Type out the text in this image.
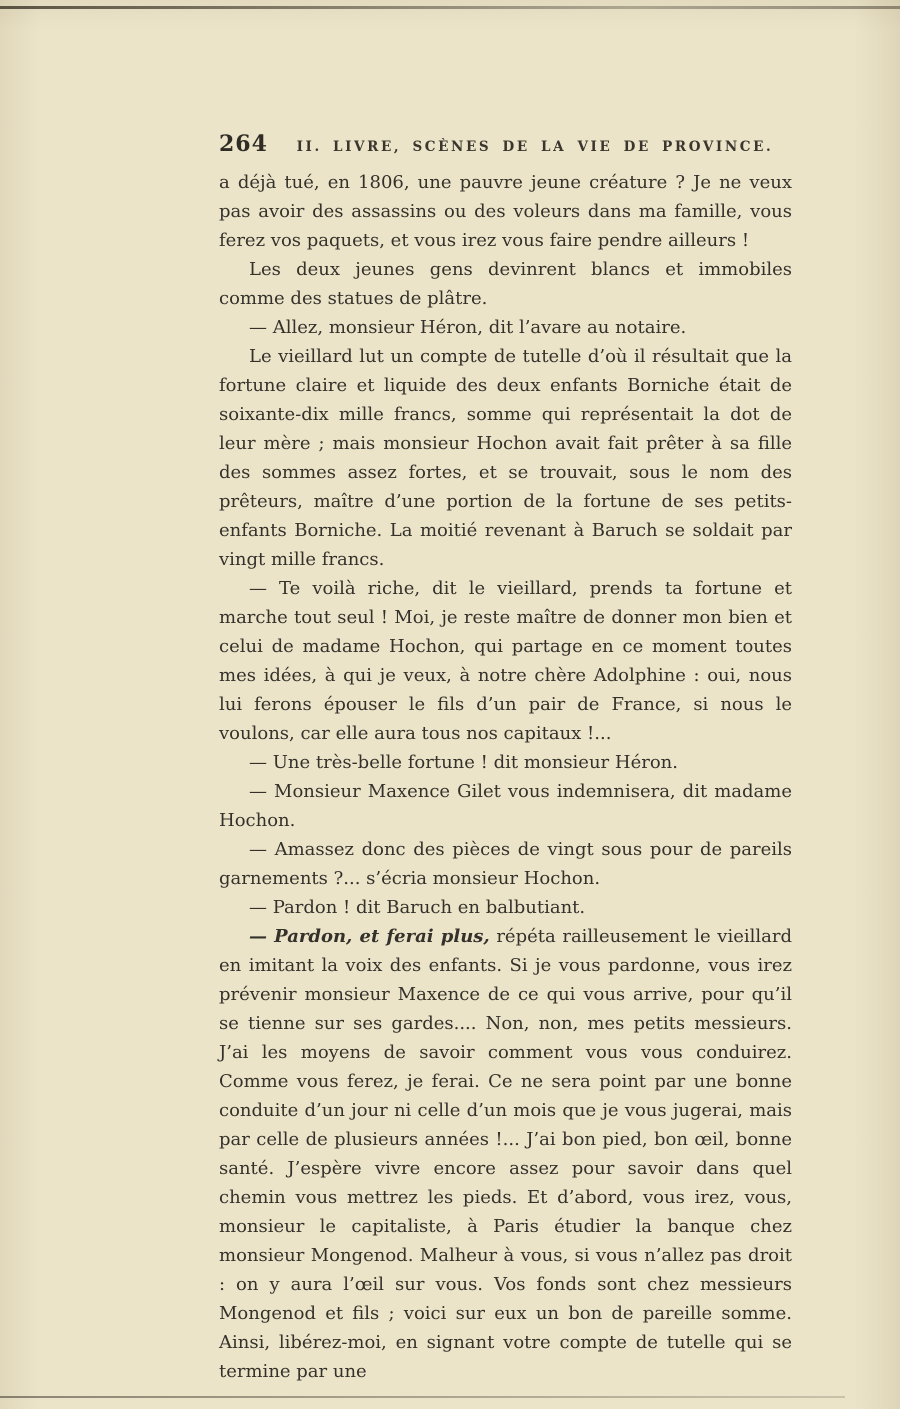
264	II. LIVRE, SCÈNES DE LA VIE DE PROVINCE.

a déjà tué, en 1806, une pauvre jeune créature ? Je ne veux pas avoir des assassins ou des voleurs dans ma famille, vous ferez vos paquets, et vous irez vous faire pendre ailleurs !

Les deux jeunes gens devinrent blancs et immobiles comme des statues de plâtre.

— Allez, monsieur Héron, dit l’avare au notaire.

Le vieillard lut un compte de tutelle d’où il résultait que la fortune claire et liquide des deux enfants Borniche était de soixante-dix mille francs, somme qui représentait la dot de leur mère ; mais monsieur Hochon avait fait prêter à sa fille des sommes assez fortes, et se trouvait, sous le nom des prêteurs, maître d’une portion de la fortune de ses petits-enfants Borniche. La moitié revenant à Baruch se soldait par vingt mille francs.

— Te voilà riche, dit le vieillard, prends ta fortune et marche tout seul ! Moi, je reste maître de donner mon bien et celui de madame Hochon, qui partage en ce moment toutes mes idées, à qui je veux, à notre chère Adolphine : oui, nous lui ferons épouser le fils d’un pair de France, si nous le voulons, car elle aura tous nos capitaux !...

— Une très-belle fortune ! dit monsieur Héron.

— Monsieur Maxence Gilet vous indemnisera, dit madame Hochon.

— Amassez donc des pièces de vingt sous pour de pareils garnements ?... s’écria monsieur Hochon.

— Pardon ! dit Baruch en balbutiant.

— Pardon, et ferai plus, répéta railleusement le vieillard en imitant la voix des enfants. Si je vous pardonne, vous irez prévenir monsieur Maxence de ce qui vous arrive, pour qu’il se tienne sur ses gardes.... Non, non, mes petits messieurs. J’ai les moyens de savoir comment vous vous conduirez. Comme vous ferez, je ferai. Ce ne sera point par une bonne conduite d’un jour ni celle d’un mois que je vous jugerai, mais par celle de plusieurs années !... J’ai bon pied, bon œil, bonne santé. J’espère vivre encore assez pour savoir dans quel chemin vous mettrez les pieds. Et d’abord, vous irez, vous, monsieur le capitaliste, à Paris étudier la banque chez monsieur Mongenod. Malheur à vous, si vous n’allez pas droit : on y aura l’œil sur vous. Vos fonds sont chez messieurs Mongenod et fils ; voici sur eux un bon de pareille somme. Ainsi, libérez-moi, en signant votre compte de tutelle qui se termine par une
